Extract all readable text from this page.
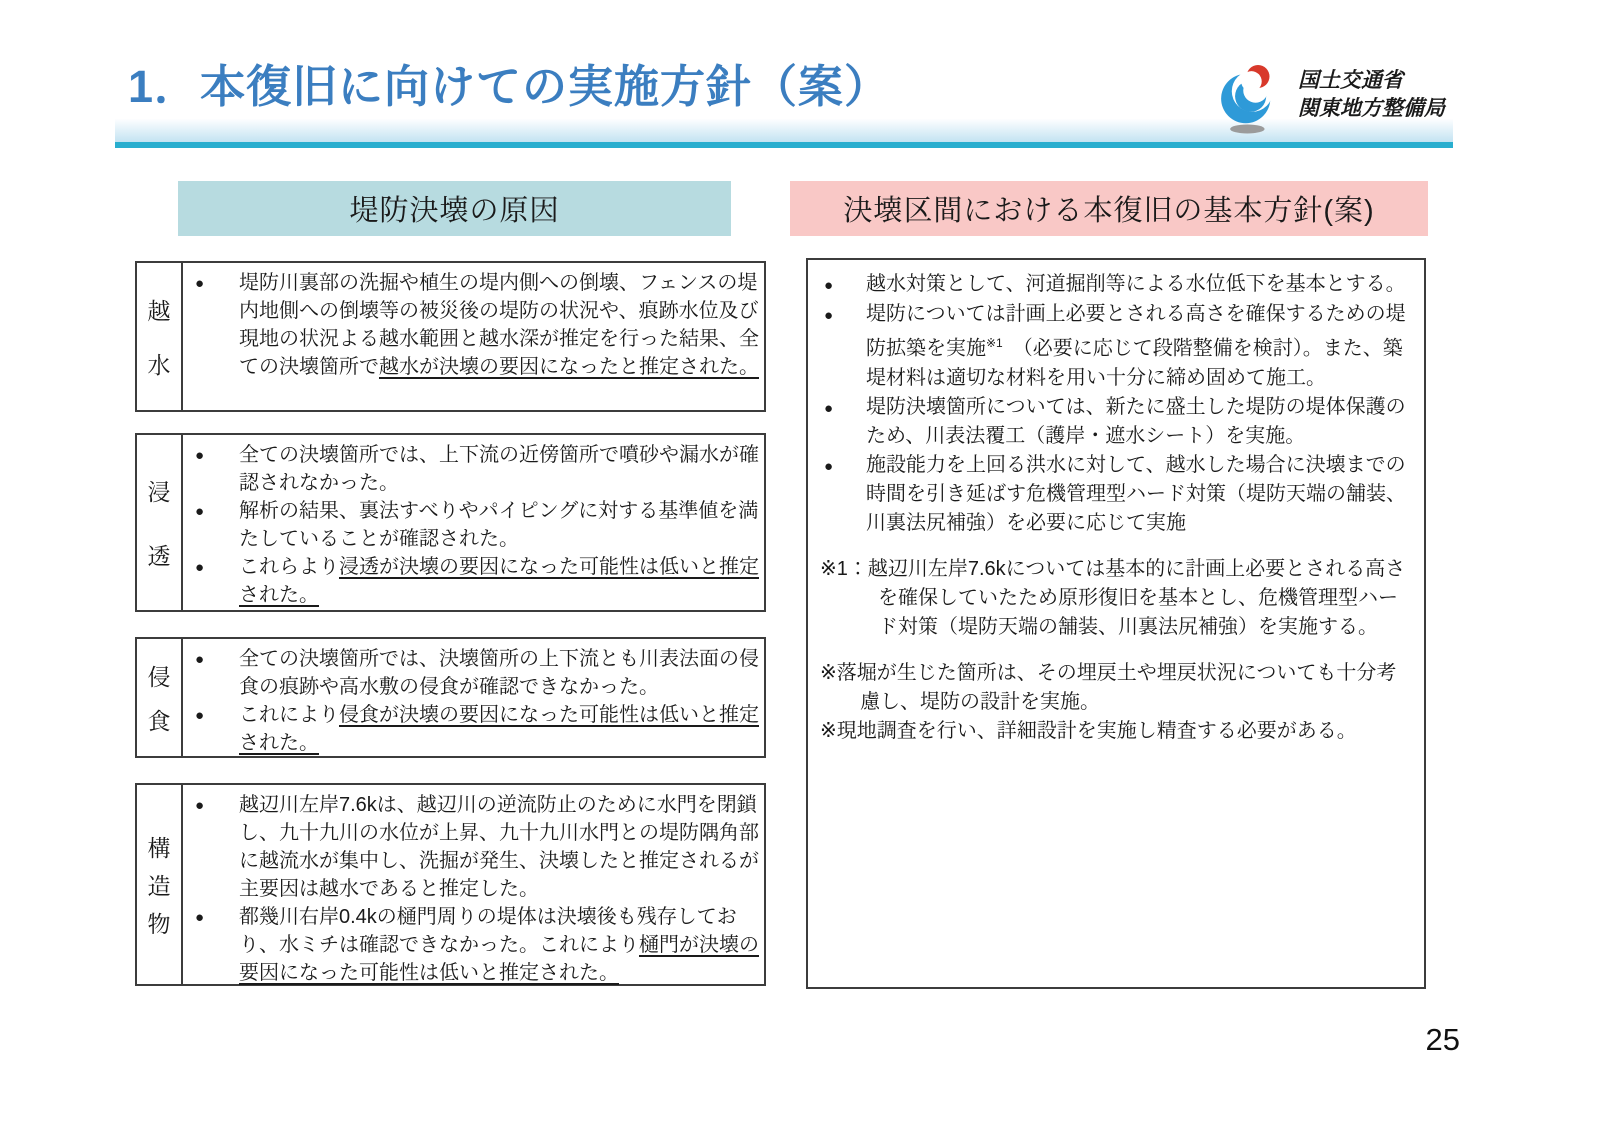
1．本復旧に向けての実施方針（案）	国土交通省
関東地方整備局
堤防決壊の原因	決壊区間における本復旧の基本方針(案)
越
水
●	堤防川裏部の洗掘や植生の堤内側への倒壊、フェンスの堤内地側への倒壊等の被災後の堤防の状況や、痕跡水位及び現地の状況よる越水範囲と越水深が推定を行った結果、全ての決壊箇所で越水が決壊の要因になったと推定された。
浸
透
●	全ての決壊箇所では、上下流の近傍箇所で噴砂や漏水が確認されなかった。
●	解析の結果、裏法すべりやパイピングに対する基準値を満たしていることが確認された。
●	これらより浸透が決壊の要因になった可能性は低いと推定された。
侵
食
●	全ての決壊箇所では、決壊箇所の上下流とも川表法面の侵食の痕跡や高水敷の侵食が確認できなかった。
●	これにより侵食が決壊の要因になった可能性は低いと推定された。
構
造
物
●	越辺川左岸7.6kは、越辺川の逆流防止のために水門を閉鎖し、九十九川の水位が上昇、九十九川水門との堤防隅角部に越流水が集中し、洗掘が発生、決壊したと推定されるが主要因は越水であると推定した。
●	都幾川右岸0.4kの樋門周りの堤体は決壊後も残存しており、水ミチは確認できなかった。これにより樋門が決壊の要因になった可能性は低いと推定された。
●	越水対策として、河道掘削等による水位低下を基本とする。
●	堤防については計画上必要とされる高さを確保するための堤防拡築を実施$^{※1}$　（必要に応じて段階整備を検討）。また、築堤材料は適切な材料を用い十分に締め固めて施工。
●	堤防決壊箇所については、新たに盛土した堤防の堤体保護のため、川表法覆工（護岸・遮水シート）を実施。
●	施設能力を上回る洪水に対して、越水した場合に決壊までの時間を引き延ばす危機管理型ハード対策（堤防天端の舗装、川裏法尻補強）を必要に応じて実施
※1：越辺川左岸7.6kについては基本的に計画上必要とされる高さを確保していたため原形復旧を基本とし、危機管理型ハード対策（堤防天端の舗装、川裏法尻補強）を実施する。
※落堀が生じた箇所は、その埋戻土や埋戻状況についても十分考慮し、堤防の設計を実施。
※現地調査を行い、詳細設計を実施し精査する必要がある。
25
